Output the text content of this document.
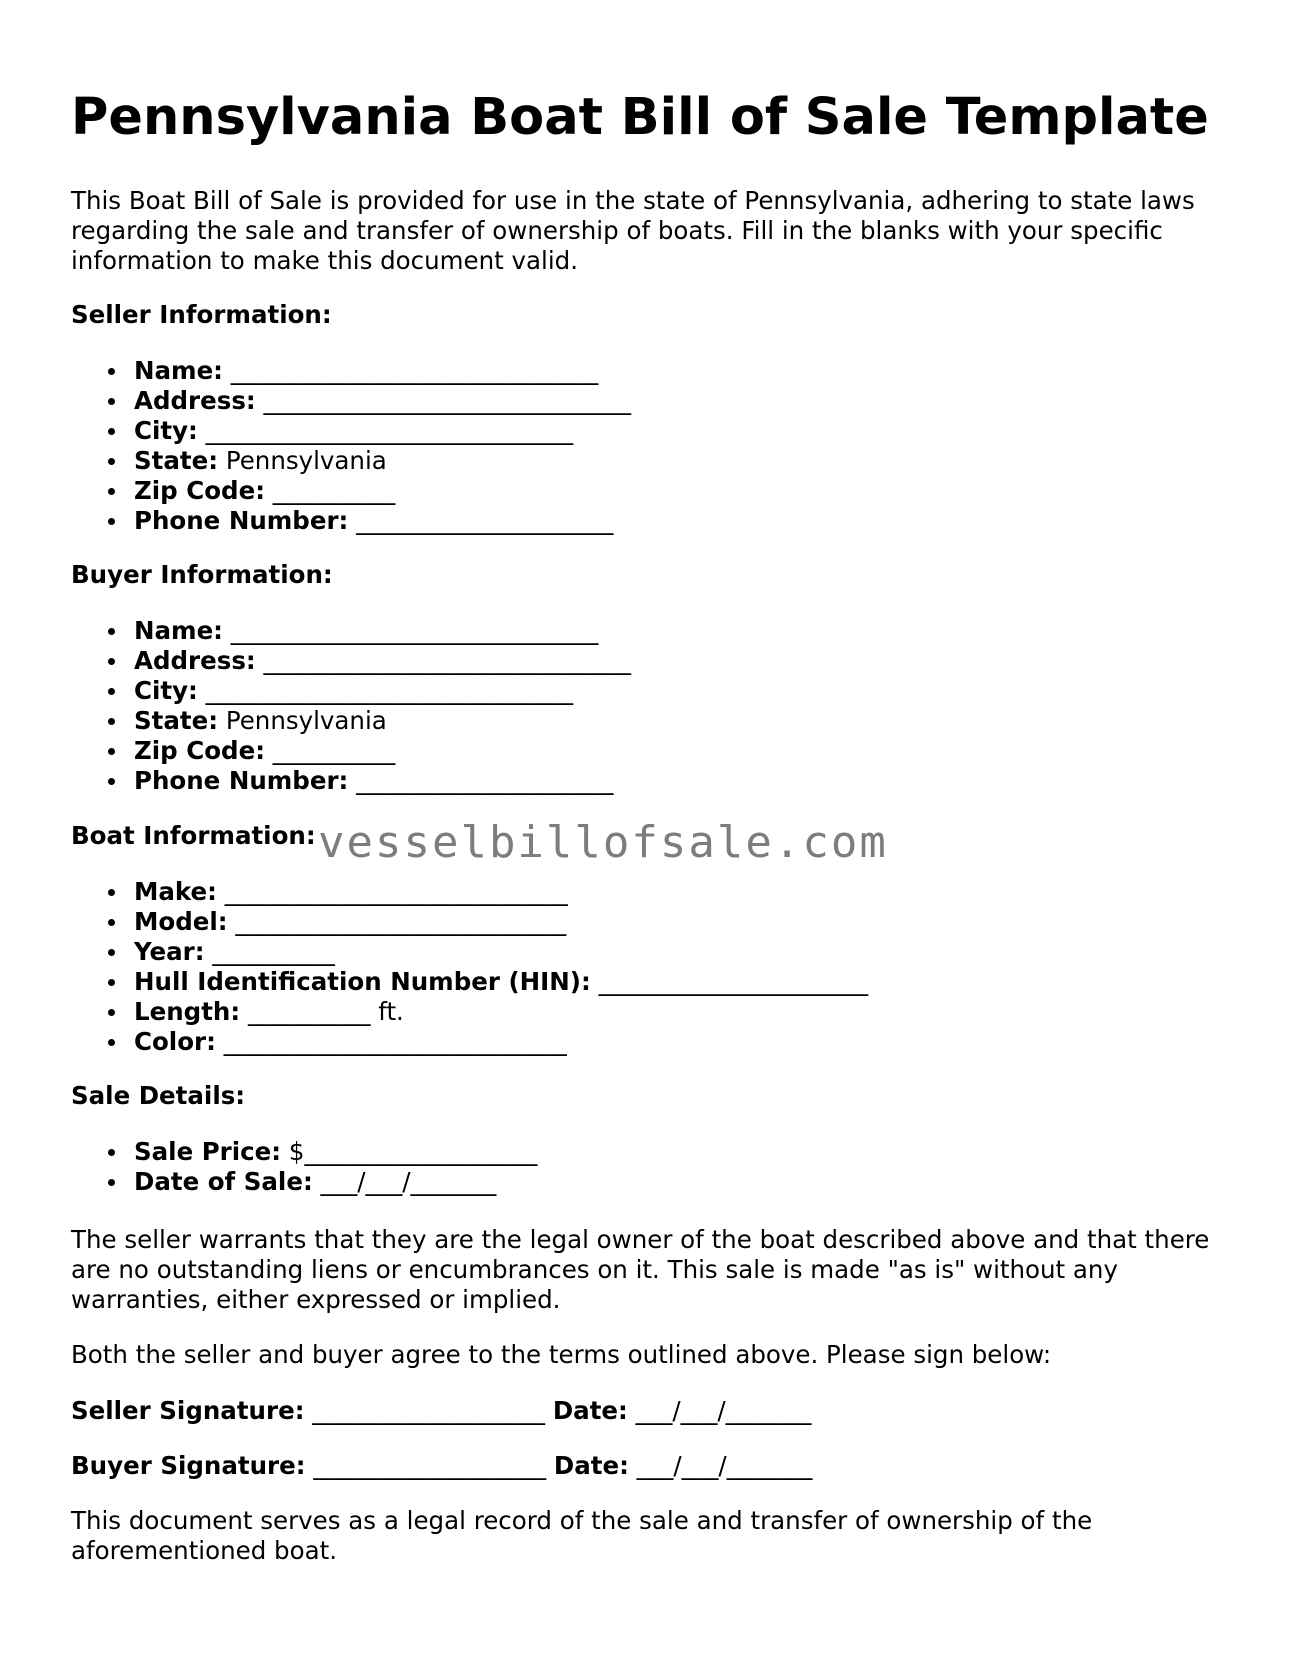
Pennsylvania Boat Bill of Sale Template

This Boat Bill of Sale is provided for use in the state of Pennsylvania, adhering to state laws regarding the sale and transfer of ownership of boats. Fill in the blanks with your specific information to make this document valid.

Seller Information:

Name: ______________________________
Address: ______________________________
City: ______________________________
State: Pennsylvania
Zip Code: __________
Phone Number: _____________________

Buyer Information:

Name: ______________________________
Address: ______________________________
City: ______________________________
State: Pennsylvania
Zip Code: __________
Phone Number: _____________________

Boat Information:

Make: ____________________________
Model: ___________________________
Year: __________
Hull Identification Number (HIN): ______________________
Length: __________ ft.
Color: ____________________________

Sale Details:

Sale Price: $___________________
Date of Sale: ___/___/_______

The seller warrants that they are the legal owner of the boat described above and that there are no outstanding liens or encumbrances on it. This sale is made "as is" without any warranties, either expressed or implied.

Both the seller and buyer agree to the terms outlined above. Please sign below:

Seller Signature: ___________________ Date: ___/___/_______

Buyer Signature: ___________________ Date: ___/___/_______

This document serves as a legal record of the sale and transfer of ownership of the aforementioned boat.

vesselbillofsale.com
